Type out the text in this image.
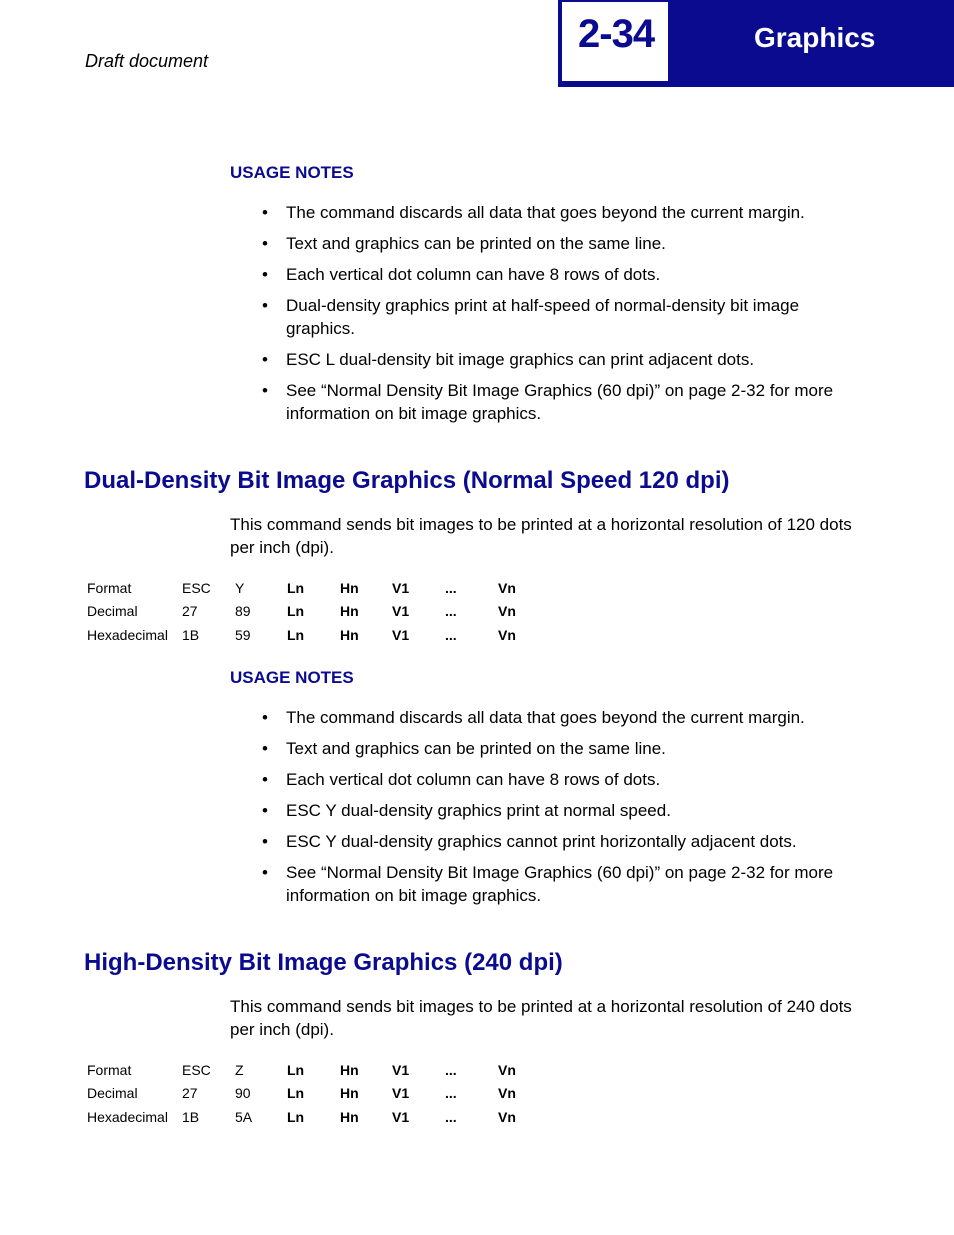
Draft document
2-34	Graphics
USAGE NOTES
• The command discards all data that goes beyond the current margin.
• Text and graphics can be printed on the same line.
• Each vertical dot column can have 8 rows of dots.
• Dual-density graphics print at half-speed of normal-density bit image graphics.
• ESC L dual-density bit image graphics can print adjacent dots.
• See “Normal Density Bit Image Graphics (60 dpi)” on page 2-32 for more information on bit image graphics.
Dual-Density Bit Image Graphics (Normal Speed 120 dpi)
This command sends bit images to be printed at a horizontal resolution of 120 dots per inch (dpi).
Format	ESC	Y	Ln	Hn	V1	...	Vn
Decimal	27	89	Ln	Hn	V1	...	Vn
Hexadecimal	1B	59	Ln	Hn	V1	...	Vn
USAGE NOTES
• The command discards all data that goes beyond the current margin.
• Text and graphics can be printed on the same line.
• Each vertical dot column can have 8 rows of dots.
• ESC Y dual-density graphics print at normal speed.
• ESC Y dual-density graphics cannot print horizontally adjacent dots.
• See “Normal Density Bit Image Graphics (60 dpi)” on page 2-32 for more information on bit image graphics.
High-Density Bit Image Graphics (240 dpi)
This command sends bit images to be printed at a horizontal resolution of 240 dots per inch (dpi).
Format	ESC	Z	Ln	Hn	V1	...	Vn
Decimal	27	90	Ln	Hn	V1	...	Vn
Hexadecimal	1B	5A	Ln	Hn	V1	...	Vn
